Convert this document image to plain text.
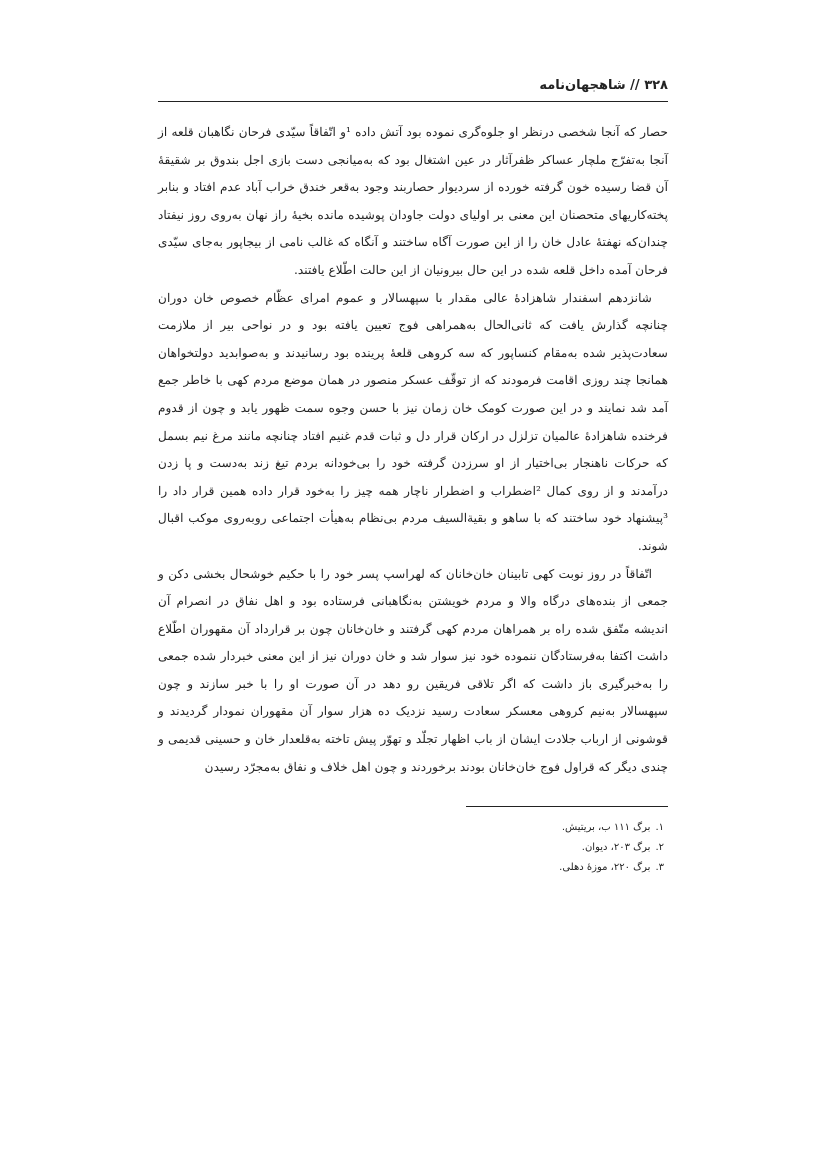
۳۲۸ // شاهجهان‌نامه

حصار که آنجا شخصی درنظر او جلوه‌گری نموده بود آتش داده ¹و اتّفاقاً سیّدی فرحان نگاهبان قلعه از آنجا به‌تفرّج ملچار عساکر ظفرآثار در عین اشتغال بود که به‌میانجی دست بازی اجل بندوق بر شقیقهٔ آن قضا رسیده خون گرفته خورده از سردیوار حصاربند وجود به‌قعر خندق خراب آباد عدم افتاد و بنابر پخته‌کاریهای متحصنان این معنی بر اولیای دولت جاودان پوشیده مانده بخیهٔ راز نهان به‌روی روز نیفتاد چندان‌که نهفتهٔ عادل خان را از این صورت آگاه ساختند و آنگاه که غالب نامی از بیجاپور به‌جای سیّدی فرحان آمده داخل قلعه شده در این حال بیرونیان از این حالت اطّلاع یافتند.

شانزدهم اسفندار شاهزادهٔ عالی مقدار با سپهسالار و عموم امرای عظّام خصوص خان دوران چنانچه گذارش یافت که ثانی‌الحال به‌همراهی فوج تعیین یافته بود و در نواحی بیر از ملازمت سعادت‌پذیر شده به‌مقام کنساپور که سه کروهی قلعهٔ پرینده بود رسانیدند و به‌صوابدید دولتخواهان همانجا چند روزی اقامت فرمودند که از توقّف عسکر منصور در همان موضع مردم کهی با خاطر جمع آمد شد نمایند و در این صورت کومک خان زمان نیز با حسن وجوه سمت ظهور یابد و چون از قدوم فرخنده شاهزادهٔ عالمیان تزلزل در ارکان قرار دل و ثبات قدم غنیم افتاد چنانچه مانند مرغ نیم بسمل که حرکات ناهنجار بی‌اختیار از او سرزدن گرفته خود را بی‌خودانه بردم تیغ زند به‌دست و پا زدن درآمدند و از روی کمال ²اضطراب و اضطرار ناچار همه چیز را به‌خود قرار داده همین قرار داد را ³پیشنهاد خود ساختند که با ساهو و بقیةالسیف مردم بی‌نظام به‌هیأت اجتماعی روبه‌روی موکب اقبال شوند.

اتّفاقاً در روز نوبت کهی تابینان خان‌خانان که لهراسپ پسر خود را با حکیم خوشحال بخشی دکن و جمعی از بنده‌های درگاه والا و مردم خویشتن به‌نگاهبانی فرستاده بود و اهل نفاق در انصرام آن اندیشه متّفق شده راه بر همراهان مردم کهی گرفتند و خان‌خانان چون بر قرارداد آن مقهوران اطّلاع داشت اکتفا به‌فرستادگان ننموده خود نیز سوار شد و خان دوران نیز از این معنی خبردار شده جمعی را به‌خبرگیری باز داشت که اگر تلاقی فریقین رو دهد در آن صورت او را با خبر سازند و چون سپهسالار به‌نیم کروهی معسکر سعادت رسید نزدیک ده هزار سوار آن مقهوران نمودار گردیدند و قوشونی از ارباب جلادت ایشان از باب اظهار تجلّد و تهوّر پیش تاخته به‌قلعدار خان و حسینی قدیمی و چندی دیگر که قراول فوج خان‌خانان بودند برخوردند و چون اهل خلاف و نفاق به‌مجرّد رسیدن

۱.برگ ۱۱۱ ب، بریتیش.
۲.برگ ۲۰۳، دیوان.
۳.برگ ۲۲۰، موزهٔ دهلی.
